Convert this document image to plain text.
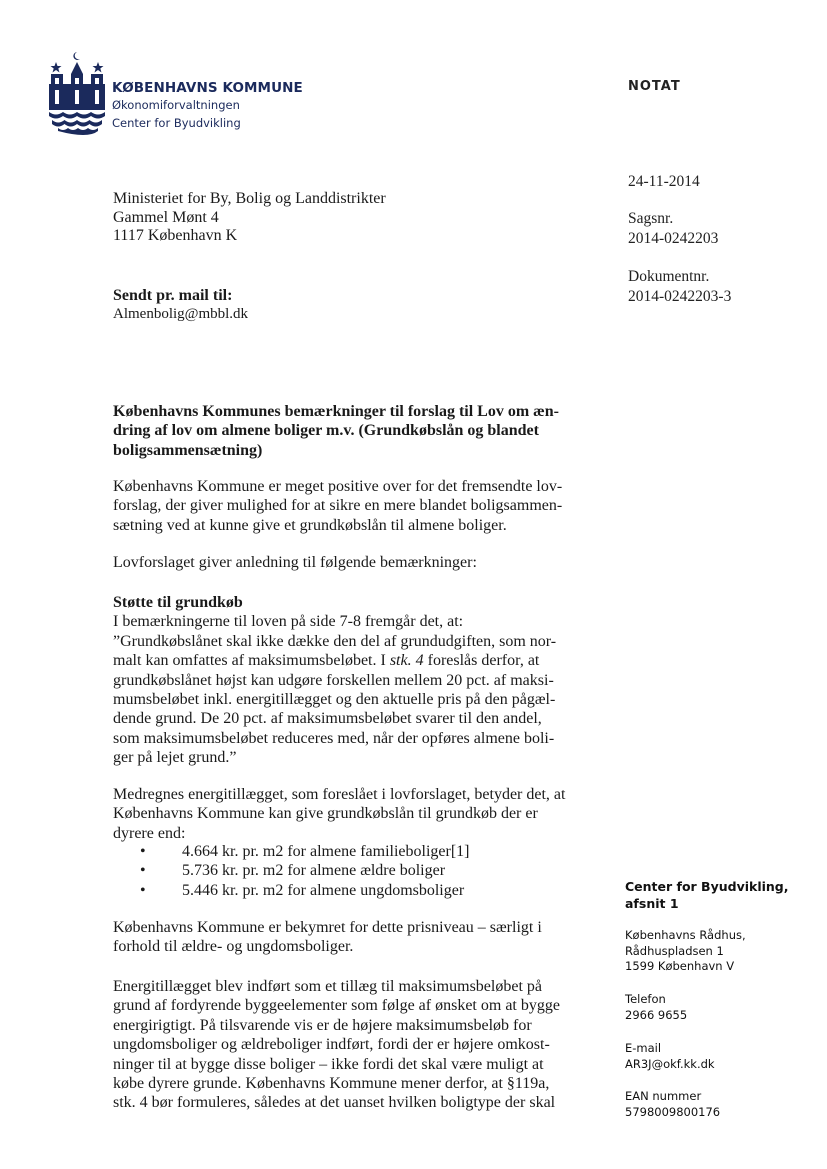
KØBENHAVNS KOMMUNE
Økonomiforvaltningen
Center for Byudvikling
NOTAT
24-11-2014
Sagsnr.
2014-0242203
Dokumentnr.
2014-0242203-3
Ministeriet for By, Bolig og Landdistrikter
Gammel Mønt 4
1117 København K
Sendt pr. mail til:
Almenbolig@mbbl.dk
Københavns Kommunes bemærkninger til forslag til Lov om æn-
dring af lov om almene boliger m.v. (Grundkøbslån og blandet
boligsammensætning)
Københavns Kommune er meget positive over for det fremsendte lov-
forslag, der giver mulighed for at sikre en mere blandet boligsammen-
sætning ved at kunne give et grundkøbslån til almene boliger.
Lovforslaget giver anledning til følgende bemærkninger:
Støtte til grundkøb
I bemærkningerne til loven på side 7-8 fremgår det, at:
”Grundkøbslånet skal ikke dække den del af grundudgiften, som nor-
malt kan omfattes af maksimumsbeløbet. I stk. 4 foreslås derfor, at
grundkøbslånet højst kan udgøre forskellen mellem 20 pct. af maksi-
mumsbeløbet inkl. energitillægget og den aktuelle pris på den pågæl-
dende grund. De 20 pct. af maksimumsbeløbet svarer til den andel,
som maksimumsbeløbet reduceres med, når der opføres almene boli-
ger på lejet grund.”
Medregnes energitillægget, som foreslået i lovforslaget, betyder det, at
Københavns Kommune kan give grundkøbslån til grundkøb der er
dyrere end:
• 4.664 kr. pr. m2 for almene familieboliger[1]
• 5.736 kr. pr. m2 for almene ældre boliger
• 5.446 kr. pr. m2 for almene ungdomsboliger
Københavns Kommune er bekymret for dette prisniveau – særligt i
forhold til ældre- og ungdomsboliger.
Energitillægget blev indført som et tillæg til maksimumsbeløbet på
grund af fordyrende byggeelementer som følge af ønsket om at bygge
energirigtigt. På tilsvarende vis er de højere maksimumsbeløb for
ungdomsboliger og ældreboliger indført, fordi der er højere omkost-
ninger til at bygge disse boliger – ikke fordi det skal være muligt at
købe dyrere grunde. Københavns Kommune mener derfor, at §119a,
stk. 4 bør formuleres, således at det uanset hvilken boligtype der skal
Center for Byudvikling,
afsnit 1
Københavns Rådhus,
Rådhuspladsen 1
1599 København V
Telefon
2966 9655
E-mail
AR3J@okf.kk.dk
EAN nummer
5798009800176
